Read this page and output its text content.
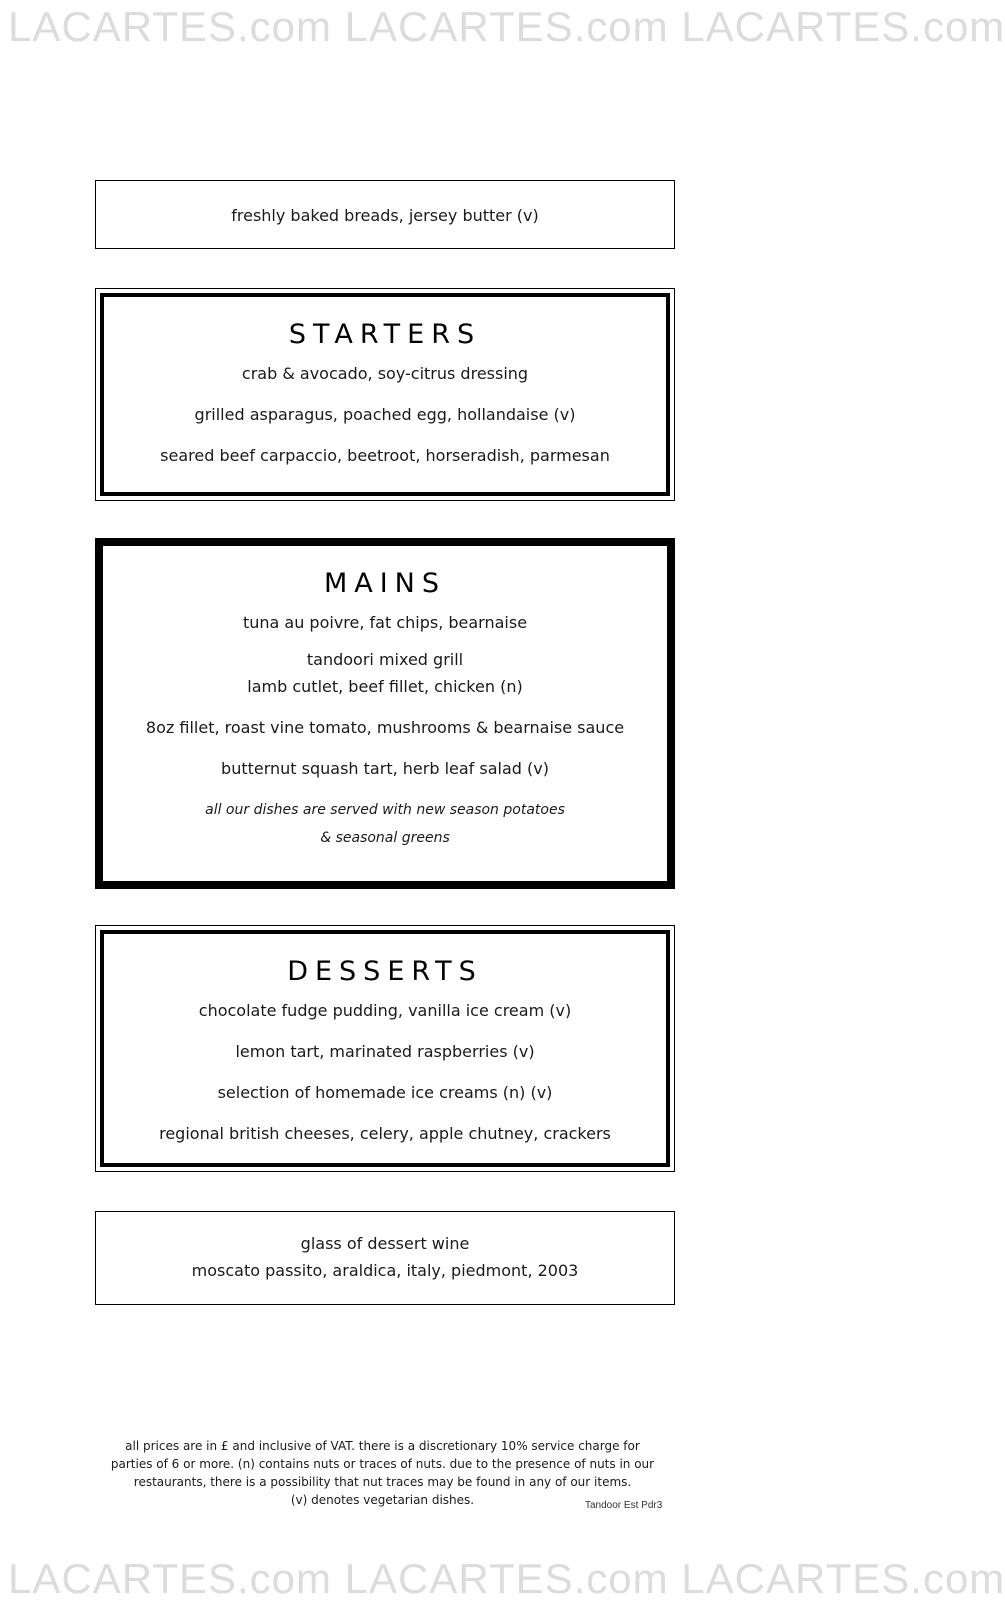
LACARTES.com LACARTES.com LACARTES.com
freshly baked breads, jersey butter (v)
STARTERS
crab & avocado, soy-citrus dressing
grilled asparagus, poached egg, hollandaise (v)
seared beef carpaccio, beetroot, horseradish, parmesan
MAINS
tuna au poivre, fat chips, bearnaise
tandoori mixed grill
lamb cutlet, beef fillet, chicken (n)
8oz fillet, roast vine tomato, mushrooms & bearnaise sauce
butternut squash tart, herb leaf salad (v)
all our dishes are served with new season potatoes
& seasonal greens
DESSERTS
chocolate fudge pudding, vanilla ice cream (v)
lemon tart, marinated raspberries (v)
selection of homemade ice creams (n) (v)
regional british cheeses, celery, apple chutney, crackers
glass of dessert wine
moscato passito, araldica, italy, piedmont, 2003
all prices are in £ and inclusive of VAT. there is a discretionary 10% service charge for
parties of 6 or more. (n) contains nuts or traces of nuts. due to the presence of nuts in our
restaurants, there is a possibility that nut traces may be found in any of our items.
(v) denotes vegetarian dishes.	Tandoor Est Pdr3
LACARTES.com LACARTES.com LACARTES.com
